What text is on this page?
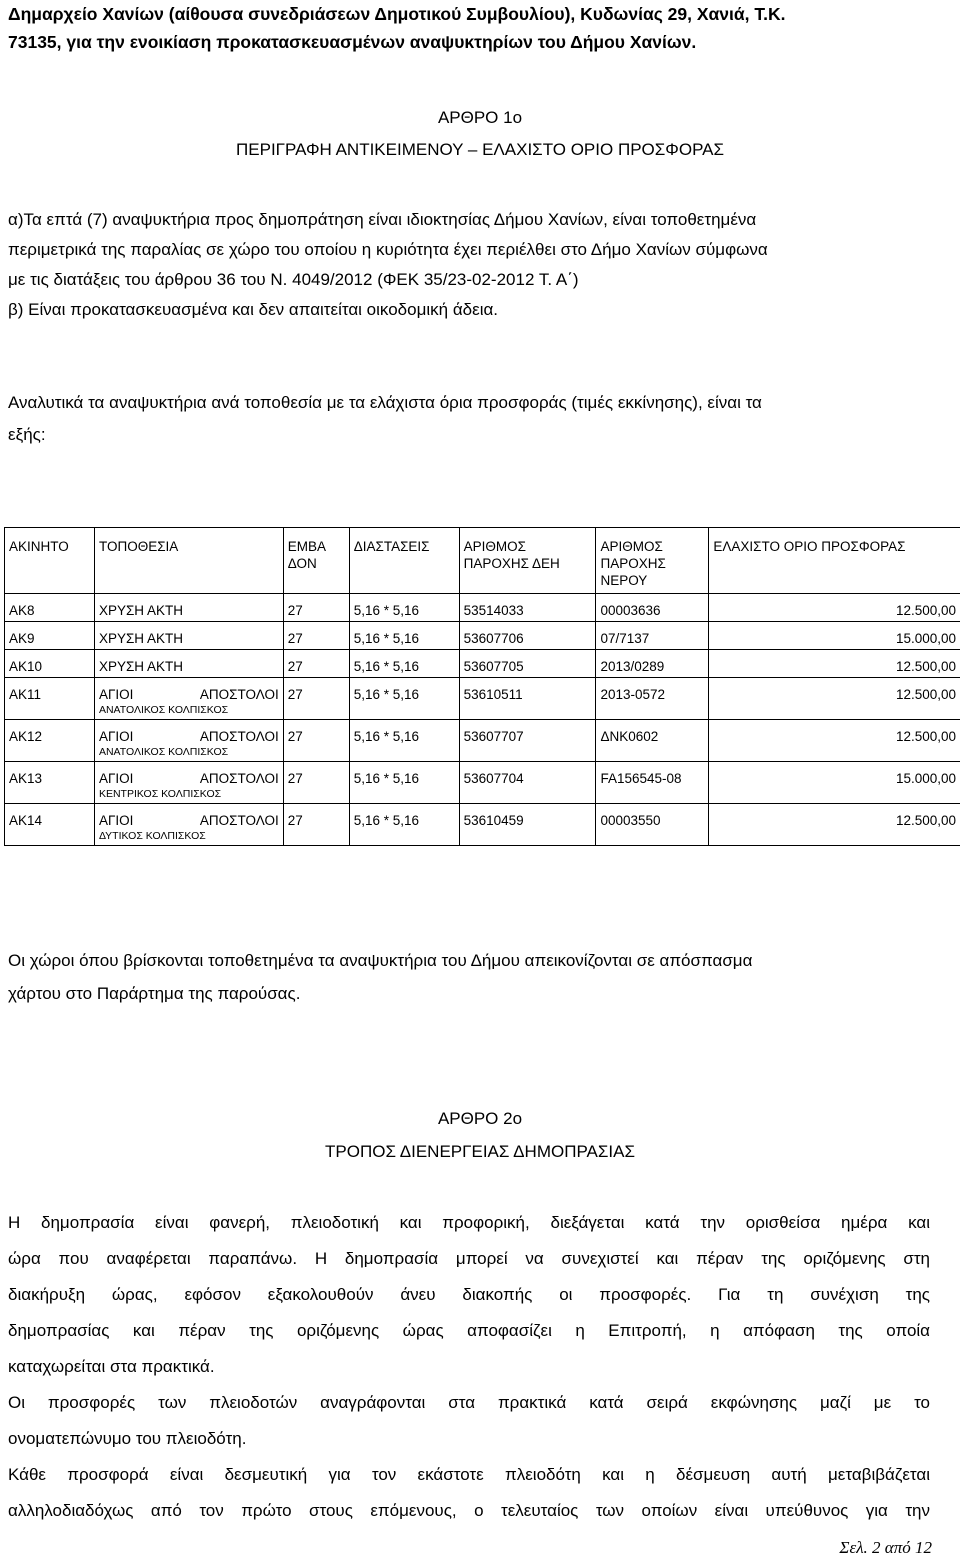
Δημαρχείο Χανίων (αίθουσα συνεδριάσεων Δημοτικού Συμβουλίου), Κυδωνίας 29, Χανιά, Τ.Κ.
73135, για την ενοικίαση προκατασκευασμένων αναψυκτηρίων του Δήμου Χανίων.
ΑΡΘΡΟ 1ο
ΠΕΡΙΓΡΑΦΗ ΑΝΤΙΚΕΙΜΕΝΟΥ – ΕΛΑΧΙΣΤΟ ΟΡΙΟ ΠΡΟΣΦΟΡΑΣ
α)Τα επτά (7) αναψυκτήρια προς δημοπράτηση είναι ιδιοκτησίας Δήμου Χανίων, είναι τοποθετημένα
περιμετρικά της παραλίας σε χώρο του οποίου η κυριότητα έχει περιέλθει στο Δήμο Χανίων σύμφωνα
με τις διατάξεις του άρθρου 36 του Ν. 4049/2012 (ΦΕΚ 35/23-02-2012 Τ. Α΄)
β) Είναι προκατασκευασμένα και δεν απαιτείται οικοδομική άδεια.
Αναλυτικά τα αναψυκτήρια ανά τοποθεσία με τα ελάχιστα όρια προσφοράς (τιμές εκκίνησης), είναι τα
εξής:
ΑΚΙΝΗΤΟ	ΤΟΠΟΘΕΣΙΑ	ΕΜΒΑ ΔΟΝ	ΔΙΑΣΤΑΣΕΙΣ	ΑΡΙΘΜΟΣ ΠΑΡΟΧΗΣ ΔΕΗ	ΑΡΙΘΜΟΣ ΠΑΡΟΧΗΣ ΝΕΡΟΥ	ΕΛΑΧΙΣΤΟ ΟΡΙΟ ΠΡΟΣΦΟΡΑΣ
ΑΚ8	ΧΡΥΣΗ ΑΚΤΗ	27	5,16 * 5,16	53514033	00003636	12.500,00
ΑΚ9	ΧΡΥΣΗ ΑΚΤΗ	27	5,16 * 5,16	53607706	07/7137	15.000,00
ΑΚ10	ΧΡΥΣΗ ΑΚΤΗ	27	5,16 * 5,16	53607705	2013/0289	12.500,00
ΑΚ11	ΑΓΙΟΙ ΑΠΟΣΤΟΛΟΙ
ΑΝΑΤΟΛΙΚΟΣ ΚΟΛΠΙΣΚΟΣ	27	5,16 * 5,16	53610511	2013-0572	12.500,00
ΑΚ12	ΑΓΙΟΙ ΑΠΟΣΤΟΛΟΙ
ΑΝΑΤΟΛΙΚΟΣ ΚΟΛΠΙΣΚΟΣ	27	5,16 * 5,16	53607707	ΔΝΚ0602	12.500,00
ΑΚ13	ΑΓΙΟΙ ΑΠΟΣΤΟΛΟΙ
ΚΕΝΤΡΙΚΟΣ ΚΟΛΠΙΣΚΟΣ	27	5,16 * 5,16	53607704	FA156545-08	15.000,00
ΑΚ14	ΑΓΙΟΙ ΑΠΟΣΤΟΛΟΙ
ΔΥΤΙΚΟΣ ΚΟΛΠΙΣΚΟΣ	27	5,16 * 5,16	53610459	00003550	12.500,00
Οι χώροι όπου βρίσκονται τοποθετημένα τα αναψυκτήρια του Δήμου απεικονίζονται σε απόσπασμα
χάρτου στο Παράρτημα της παρούσας.
ΑΡΘΡΟ 2ο
ΤΡΟΠΟΣ ΔΙΕΝΕΡΓΕΙΑΣ ΔΗΜΟΠΡΑΣΙΑΣ
Η δημοπρασία είναι φανερή, πλειοδοτική και προφορική, διεξάγεται κατά την ορισθείσα ημέρα και
ώρα που αναφέρεται παραπάνω. Η δημοπρασία μπορεί να συνεχιστεί και πέραν της οριζόμενης στη
διακήρυξη ώρας, εφόσον εξακολουθούν άνευ διακοπής οι προσφορές. Για τη συνέχιση της
δημοπρασίας και πέραν της οριζόμενης ώρας αποφασίζει η Επιτροπή, η απόφαση της οποία
καταχωρείται στα πρακτικά.
Οι προσφορές των πλειοδοτών αναγράφονται στα πρακτικά κατά σειρά εκφώνησης μαζί με το
ονοματεπώνυμο του πλειοδότη.
Κάθε προσφορά είναι δεσμευτική για τον εκάστοτε πλειοδότη και η δέσμευση αυτή μεταβιβάζεται
αλληλοδιαδόχως από τον πρώτο στους επόμενους, ο τελευταίος των οποίων είναι υπεύθυνος για την
Σελ. 2 από 12
